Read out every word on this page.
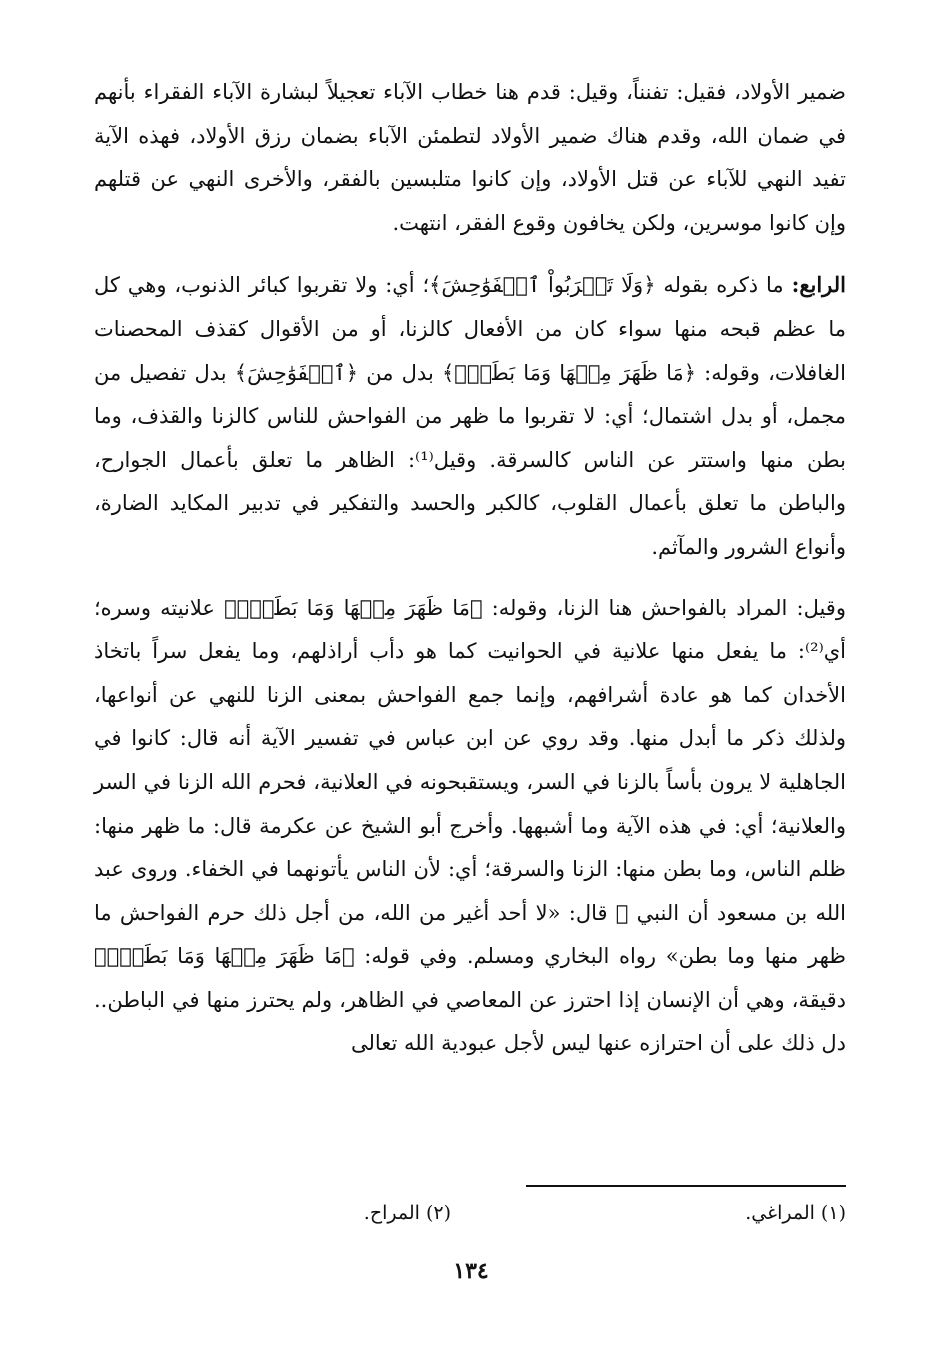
ضمير الأولاد، فقيل: تفنناً، وقيل: قدم هنا خطاب الآباء تعجيلاً لبشارة الآباء الفقراء بأنهم في ضمان الله، وقدم هناك ضمير الأولاد لتطمئن الآباء بضمان رزق الأولاد، فهذه الآية تفيد النهي للآباء عن قتل الأولاد، وإن كانوا متلبسين بالفقر، والأخرى النهي عن قتلهم وإن كانوا موسرين، ولكن يخافون وقوع الفقر، انتهت.

الرابع: ما ذكره بقوله ﴿وَلَا تَقۡرَبُواْ ٱلۡفَوَٰحِشَ﴾؛ أي: ولا تقربوا كبائر الذنوب، وهي كل ما عظم قبحه منها سواء كان من الأفعال كالزنا، أو من الأقوال كقذف المحصنات الغافلات، وقوله: ﴿مَا ظَهَرَ مِنۡهَا وَمَا بَطَنَۖ﴾ بدل من ﴿ٱلۡفَوَٰحِشَ﴾ بدل تفصيل من مجمل، أو بدل اشتمال؛ أي: لا تقربوا ما ظهر من الفواحش للناس كالزنا والقذف، وما بطن منها واستتر عن الناس كالسرقة. وقيل⁽¹⁾: الظاهر ما تعلق بأعمال الجوارح، والباطن ما تعلق بأعمال القلوب، كالكبر والحسد والتفكير في تدبير المكايد الضارة، وأنواع الشرور والمآثم.

وقيل: المراد بالفواحش هنا الزنا، وقوله: ﴿مَا ظَهَرَ مِنۡهَا وَمَا بَطَنَۖ﴾ علانيته وسره؛ أي⁽²⁾: ما يفعل منها علانية في الحوانيت كما هو دأب أراذلهم، وما يفعل سراً باتخاذ الأخدان كما هو عادة أشرافهم، وإنما جمع الفواحش بمعنى الزنا للنهي عن أنواعها، ولذلك ذكر ما أبدل منها. وقد روي عن ابن عباس في تفسير الآية أنه قال: كانوا في الجاهلية لا يرون بأساً بالزنا في السر، ويستقبحونه في العلانية، فحرم الله الزنا في السر والعلانية؛ أي: في هذه الآية وما أشبهها. وأخرج أبو الشيخ عن عكرمة قال: ما ظهر منها: ظلم الناس، وما بطن منها: الزنا والسرقة؛ أي: لأن الناس يأتونهما في الخفاء. وروى عبد الله بن مسعود أن النبي ﷺ قال: «لا أحد أغير من الله، من أجل ذلك حرم الفواحش ما ظهر منها وما بطن» رواه البخاري ومسلم. وفي قوله: ﴿مَا ظَهَرَ مِنۡهَا وَمَا بَطَنَۖ﴾ دقيقة، وهي أن الإنسان إذا احترز عن المعاصي في الظاهر، ولم يحترز منها في الباطن.. دل ذلك على أن احترازه عنها ليس لأجل عبودية الله تعالى

(١) المراغي.
(٢) المراح.
١٣٤
